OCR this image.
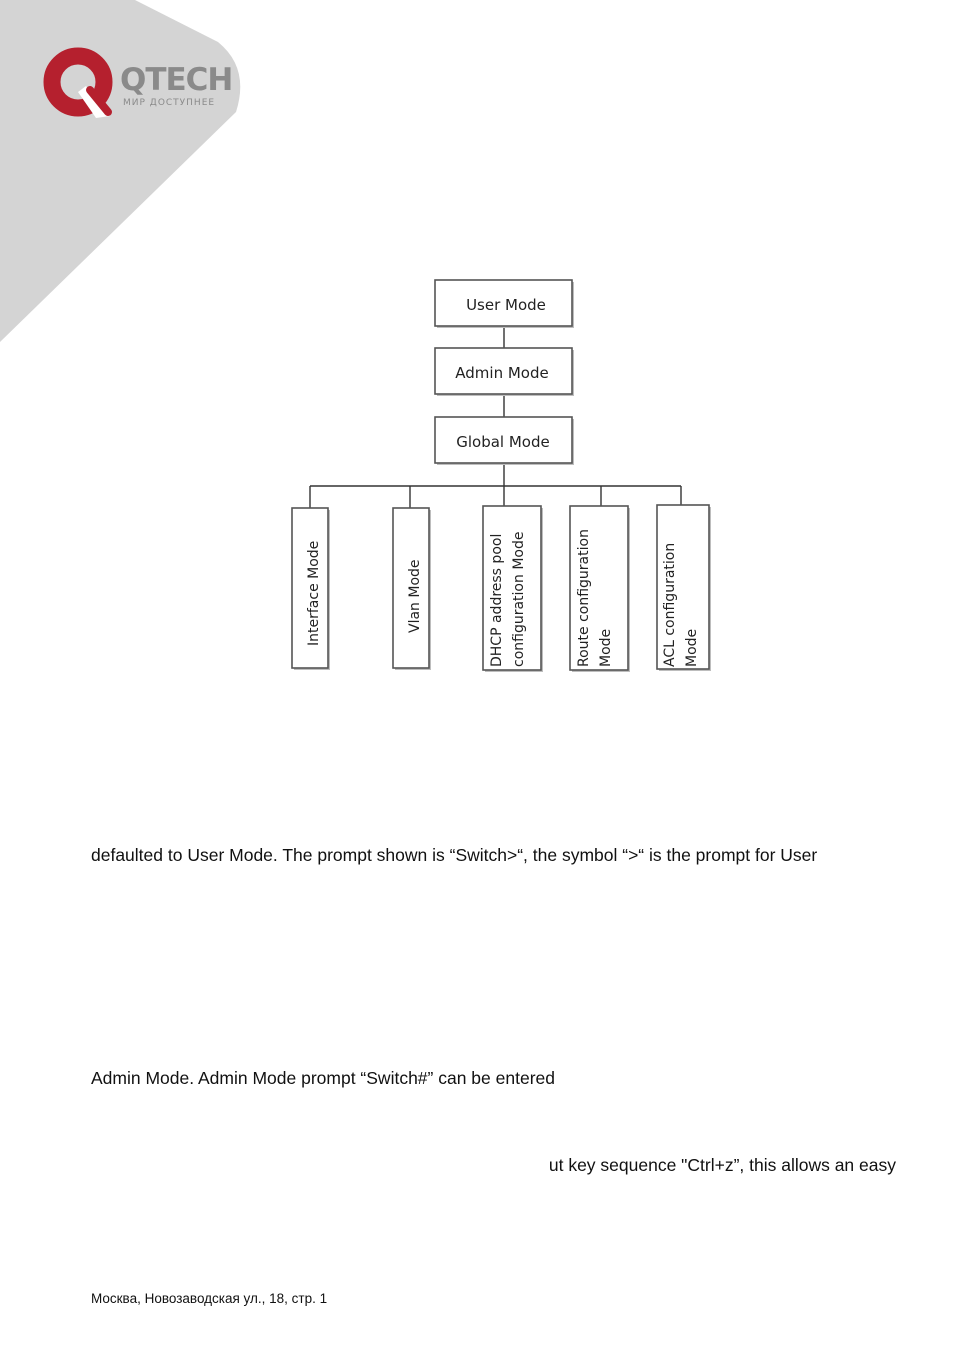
QTECH
МИР ДОСТУПНЕЕ
User Mode
Admin Mode
Global Mode
Interface Mode	Vlan Mode	DHCP address pool configuration Mode	Route configuration Mode	ACL configuration Mode

defaulted to User Mode. The prompt shown is “Switch>“, the symbol “>“ is the prompt for User

Admin Mode. Admin Mode prompt “Switch#” can be entered

ut key sequence "Ctrl+z”, this allows an easy

Москва, Новозаводская ул., 18, стр. 1
